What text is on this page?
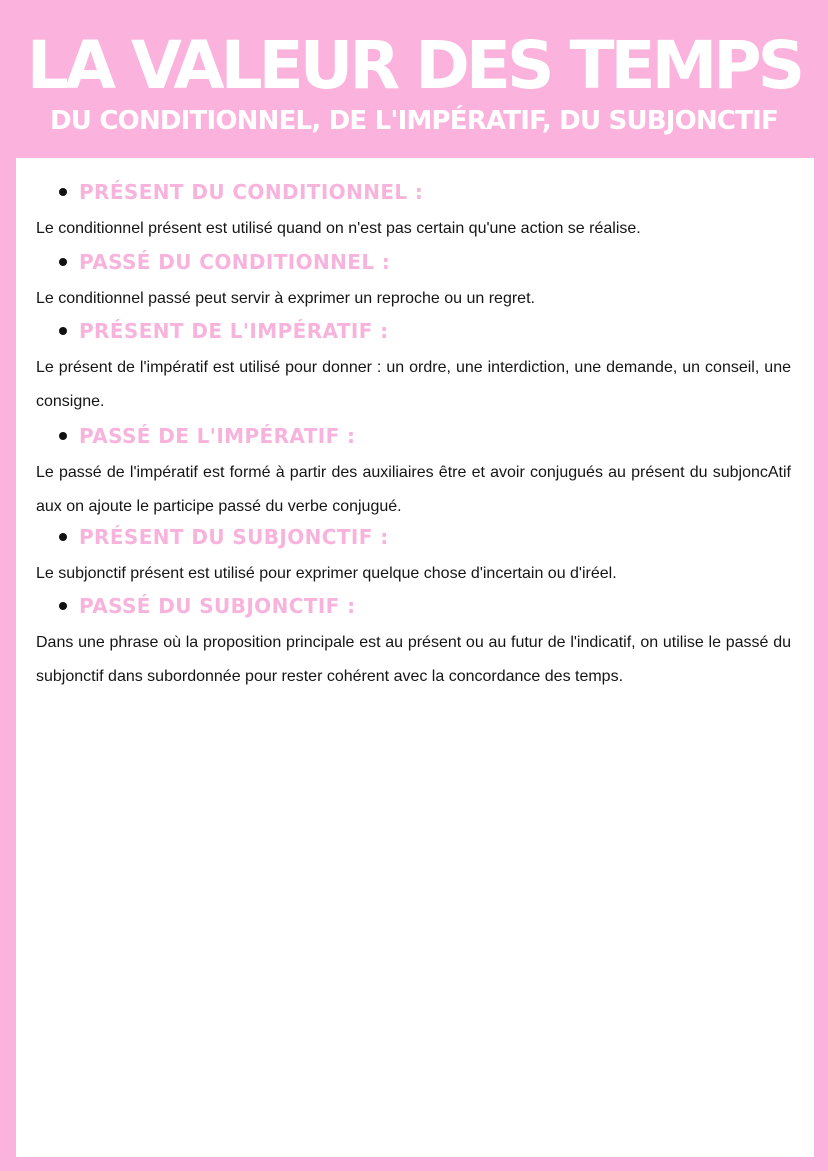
LA VALEUR DES TEMPS
DU CONDITIONNEL, DE L'IMPÉRATIF, DU SUBJONCTIF
PRÉSENT DU CONDITIONNEL :
Le conditionnel présent est utilisé quand on n'est pas certain qu'une action se réalise.
PASSÉ DU CONDITIONNEL :
Le conditionnel passé peut servir à exprimer un reproche ou un regret.
PRÉSENT DE L'IMPÉRATIF :
Le présent de l'impératif est utilisé pour donner : un ordre, une interdiction, une demande, un conseil, une consigne.
PASSÉ DE L'IMPÉRATIF :
Le passé de l'impératif est formé à partir des auxiliaires être et avoir conjugués au présent du subjoncAtif aux on ajoute le participe passé du verbe conjugué.
PRÉSENT DU SUBJONCTIF :
Le subjonctif présent est utilisé pour exprimer quelque chose d'incertain ou d'iréel.
PASSÉ DU SUBJONCTIF :
Dans une phrase où la proposition principale est au présent ou au futur de l'indicatif, on utilise le passé du subjonctif dans subordonnée pour rester cohérent avec la concordance des temps.
